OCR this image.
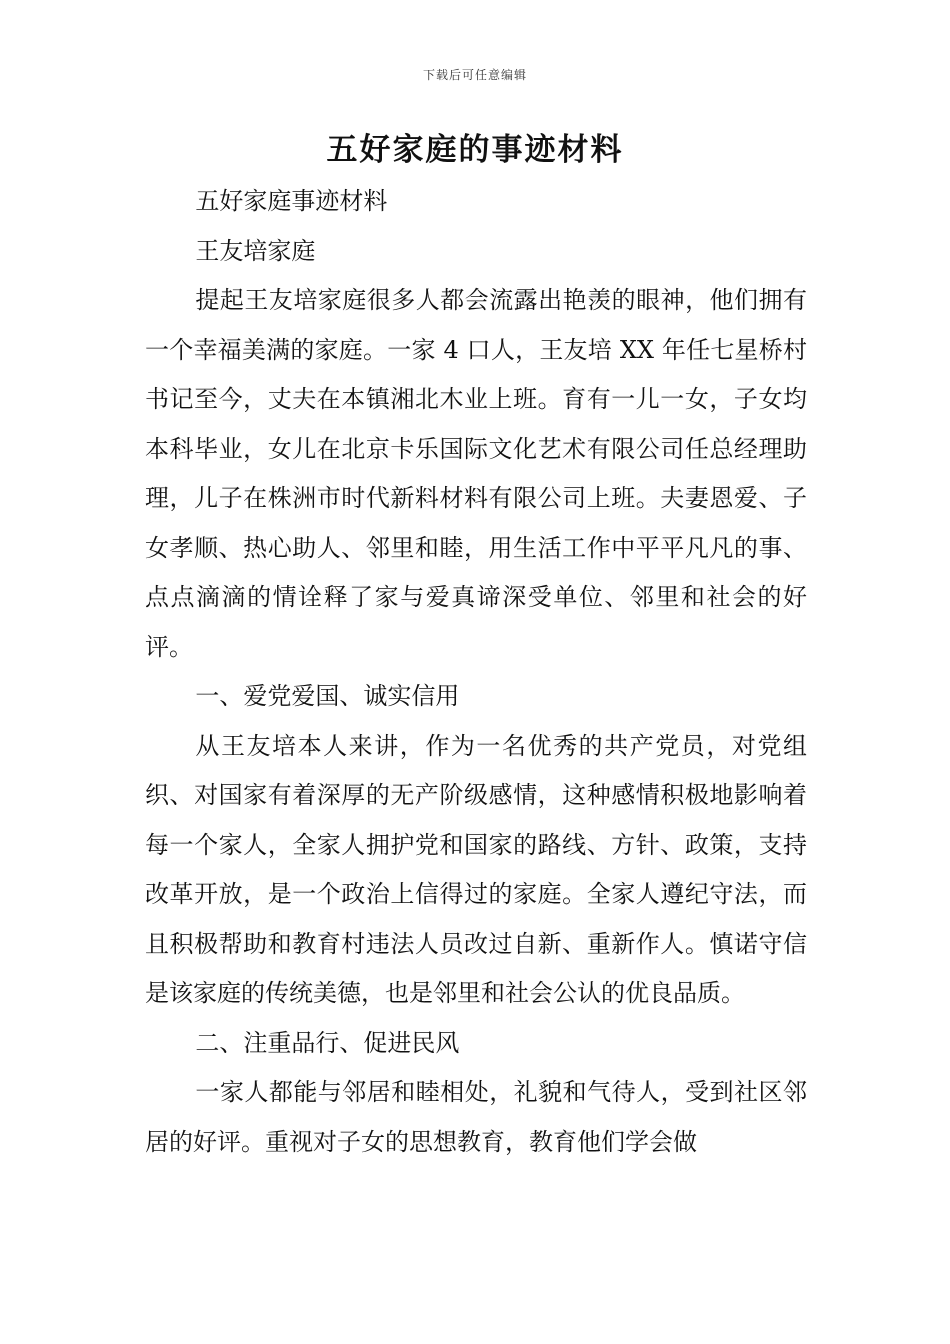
下载后可任意编辑
五好家庭的事迹材料

五好家庭事迹材料

王友培家庭

提起王友培家庭很多人都会流露出艳羡的眼神，他们拥有一个幸福美满的家庭。一家 4 口人，王友培 XX 年任七星桥村书记至今，丈夫在本镇湘北木业上班。育有一儿一女，子女均本科毕业，女儿在北京卡乐国际文化艺术有限公司任总经理助理，儿子在株洲市时代新料材料有限公司上班。夫妻恩爱、子女孝顺、热心助人、邻里和睦，用生活工作中平平凡凡的事、点点滴滴的情诠释了家与爱真谛深受单位、邻里和社会的好评。

一、爱党爱国、诚实信用

从王友培本人来讲，作为一名优秀的共产党员，对党组织、对国家有着深厚的无产阶级感情，这种感情积极地影响着每一个家人，全家人拥护党和国家的路线、方针、政策，支持改革开放，是一个政治上信得过的家庭。全家人遵纪守法，而且积极帮助和教育村违法人员改过自新、重新作人。慎诺守信是该家庭的传统美德，也是邻里和社会公认的优良品质。

二、注重品行、促进民风

一家人都能与邻居和睦相处，礼貌和气待人，受到社区邻居的好评。重视对子女的思想教育，教育他们学会做
